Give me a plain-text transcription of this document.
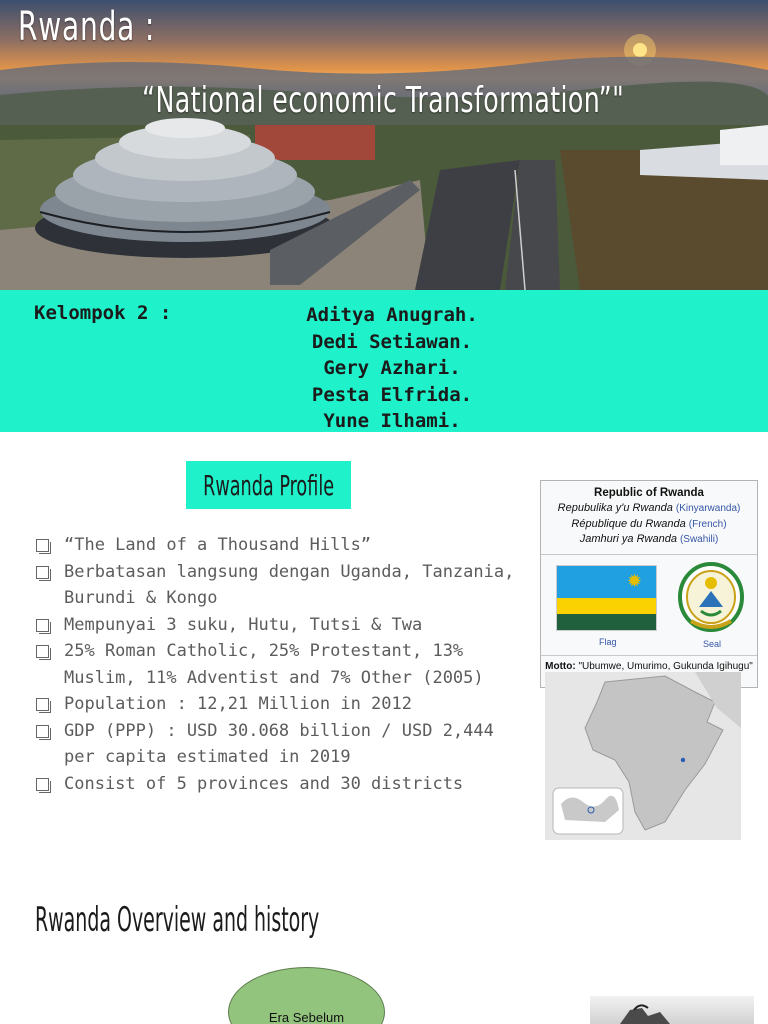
Rwanda :
“National economic Transformation”"
Kelompok 2 :	Aditya Anugrah.
Dedi Setiawan.
Gery Azhari.
Pesta Elfrida.
Yune Ilhami.
Rwanda Profile
“The Land of a Thousand Hills”
Berbatasan langsung dengan Uganda, Tanzania, Burundi & Kongo
Mempunyai 3 suku, Hutu, Tutsi & Twa
25% Roman Catholic, 25% Protestant, 13% Muslim, 11% Adventist and 7% Other (2005)
Population : 12,21 Million in 2012
GDP (PPP) : USD 30.068 billion / USD 2,444 per capita estimated in 2019
Consist of 5 provinces and 30 districts
Republic of Rwanda
Repubulika y'u Rwanda (Kinyarwanda)
République du Rwanda (French)
Jamhuri ya Rwanda (Swahili)
✹
Flag	Seal
Motto: "Ubumwe, Umurimo, Gukunda Igihugu"
Rwanda Overview and history
Era Sebelum
